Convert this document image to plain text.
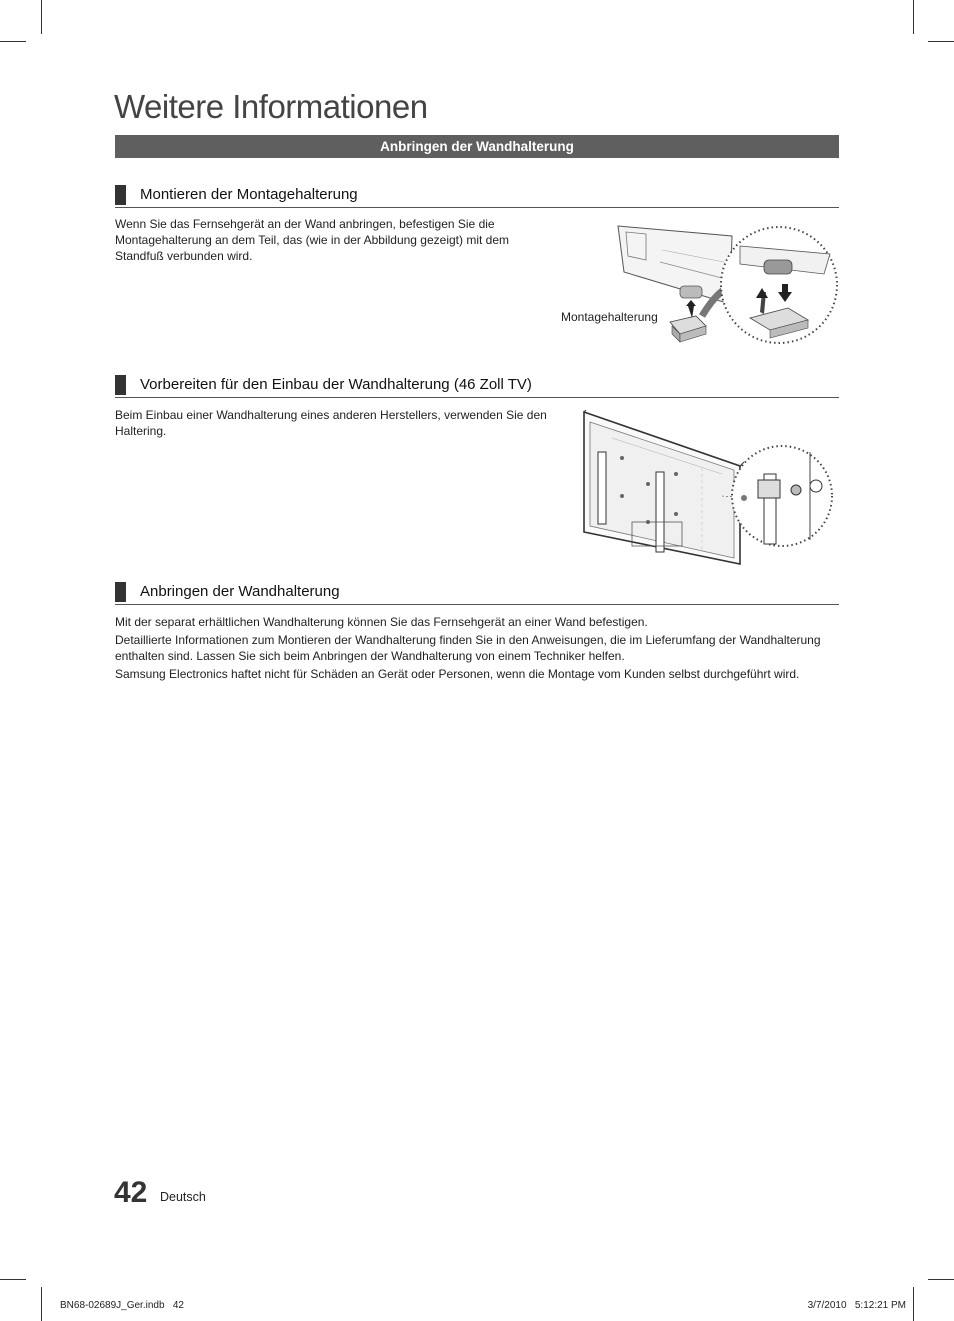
Weitere Informationen
Anbringen der Wandhalterung
Montieren der Montagehalterung

Wenn Sie das Fernsehgerät an der Wand anbringen, befestigen Sie die Montagehalterung an dem Teil, das (wie in der Abbildung gezeigt) mit dem Standfuß verbunden wird.

Montagehalterung
Vorbereiten für den Einbau der Wandhalterung (46 Zoll TV)

Beim Einbau einer Wandhalterung eines anderen Herstellers, verwenden Sie den Haltering.

Anbringen der Wandhalterung

Mit der separat erhältlichen Wandhalterung können Sie das Fernsehgerät an einer Wand befestigen.

Detaillierte Informationen zum Montieren der Wandhalterung finden Sie in den Anweisungen, die im Lieferumfang der Wandhalterung enthalten sind. Lassen Sie sich beim Anbringen der Wandhalterung von einem Techniker helfen.

Samsung Electronics haftet nicht für Schäden an Gerät oder Personen, wenn die Montage vom Kunden selbst durchgeführt wird.

42 Deutsch
BN68-02689J_Ger.indb   42	3/7/2010   5:12:21 PM
